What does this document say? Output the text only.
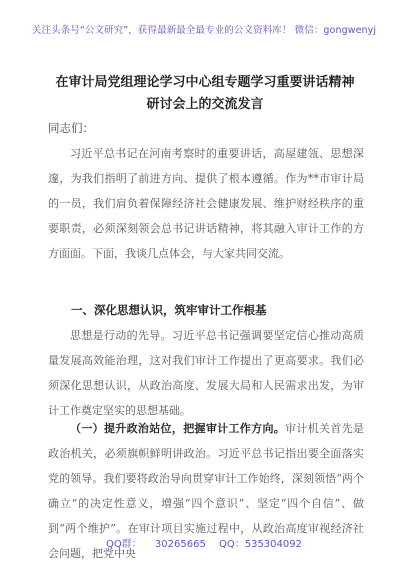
关注头条号“公文研究”，获得最新最全最专业的公文资料库！ 微信：gongwenyj
在审计局党组理论学习中心组专题学习重要讲话精神研讨会上的交流发言
同志们：

习近平总书记在河南考察时的重要讲话，高屋建瓴、思想深邃，为我们指明了前进方向、提供了根本遵循。作为**市审计局的一员，我们肩负着保障经济社会健康发展、维护财经秩序的重要职责，必须深刻领会总书记讲话精神，将其融入审计工作的方方面面。下面，我谈几点体会，与大家共同交流。

一、深化思想认识，筑牢审计工作根基

思想是行动的先导。习近平总书记强调要坚定信心推动高质量发展高效能治理，这对我们审计工作提出了更高要求。我们必须深化思想认识，从政治高度、发展大局和人民需求出发，为审计工作奠定坚实的思想基础。

（一）提升政治站位，把握审计工作方向。审计机关首先是政治机关，必须旗帜鲜明讲政治。习近平总书记指出要全面落实党的领导。我们要将政治导向贯穿审计工作始终，深刻领悟“两个确立”的决定性意义，增强“四个意识”、坚定“四个自信”、做到“两个维护”。在审计项目实施过程中，从政治高度审视经济社会问题，把党中央

QQ群： 30265665 QQ：535304092
